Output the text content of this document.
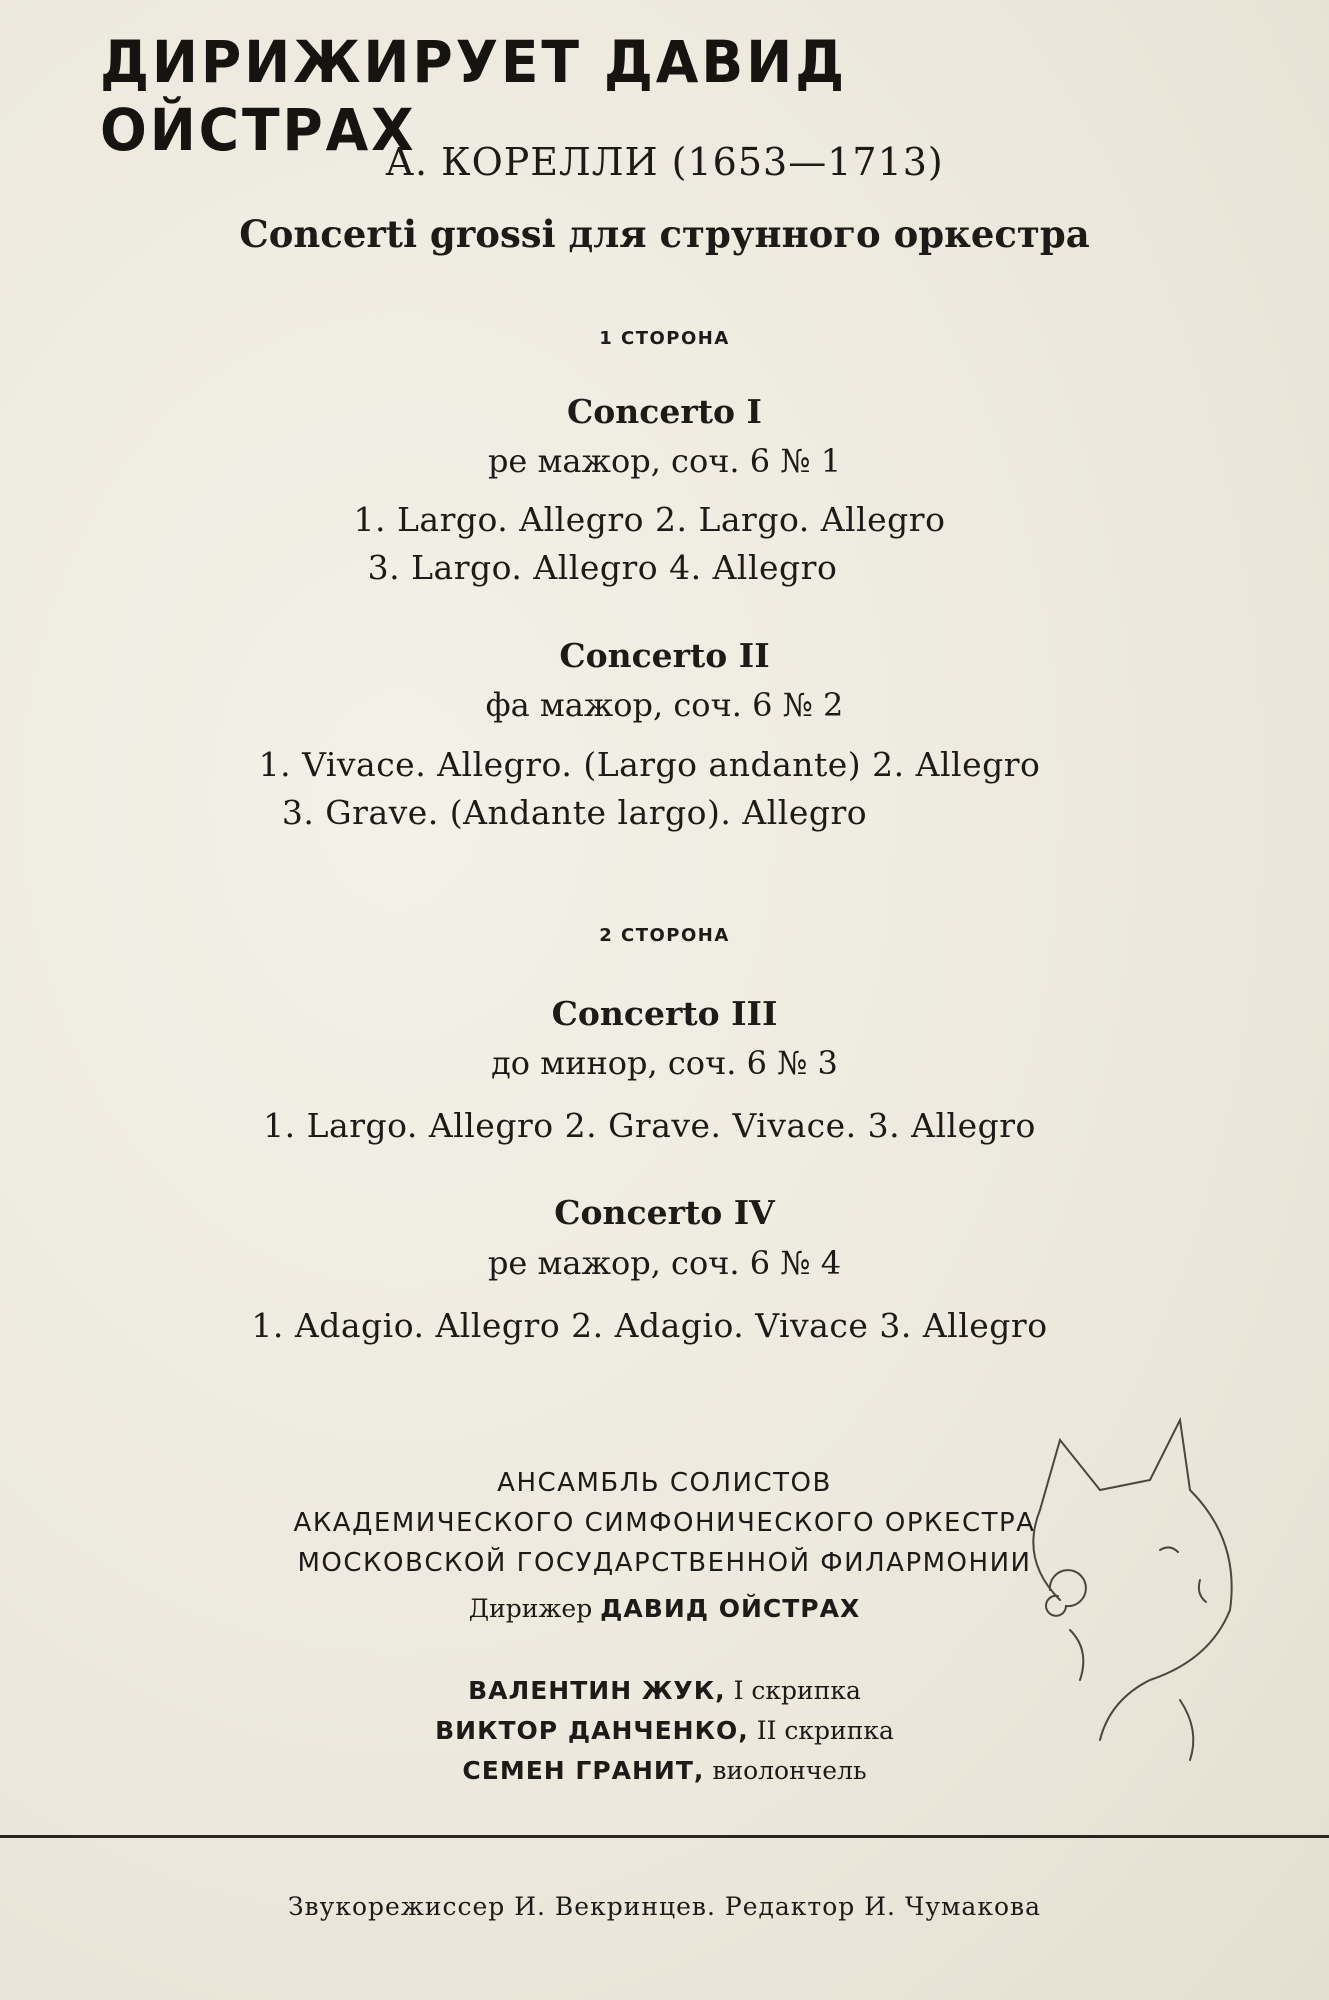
ДИРИЖИРУЕТ ДАВИД ОЙСТРАХ
А. КОРЕЛЛИ (1653—1713)
Concerti grossi для струнного оркестра
1 СТОРОНА
Concerto I
ре мажор, соч. 6 № 1
1. Largo. Allegro 2. Largo. Allegro
3. Largo. Allegro 4. Allegro
Concerto II
фа мажор, соч. 6 № 2
1. Vivace. Allegro. (Largo andante) 2. Allegro
3. Grave. (Andante largo). Allegro
2 СТОРОНА
Concerto III
до минор, соч. 6 № 3
1. Largo. Allegro 2. Grave. Vivace. 3. Allegro
Concerto IV
ре мажор, соч. 6 № 4
1. Adagio. Allegro 2. Adagio. Vivace 3. Allegro
АНСАМБЛЬ СОЛИСТОВ
АКАДЕМИЧЕСКОГО СИМФОНИЧЕСКОГО ОРКЕСТРА
МОСКОВСКОЙ ГОСУДАРСТВЕННОЙ ФИЛАРМОНИИ
Дирижер ДАВИД ОЙСТРАХ
ВАЛЕНТИН ЖУК, I скрипка
ВИКТОР ДАНЧЕНКО, II скрипка
СЕМЕН ГРАНИТ, виолончель
Звукорежиссер И. Векринцев. Редактор И. Чумакова
